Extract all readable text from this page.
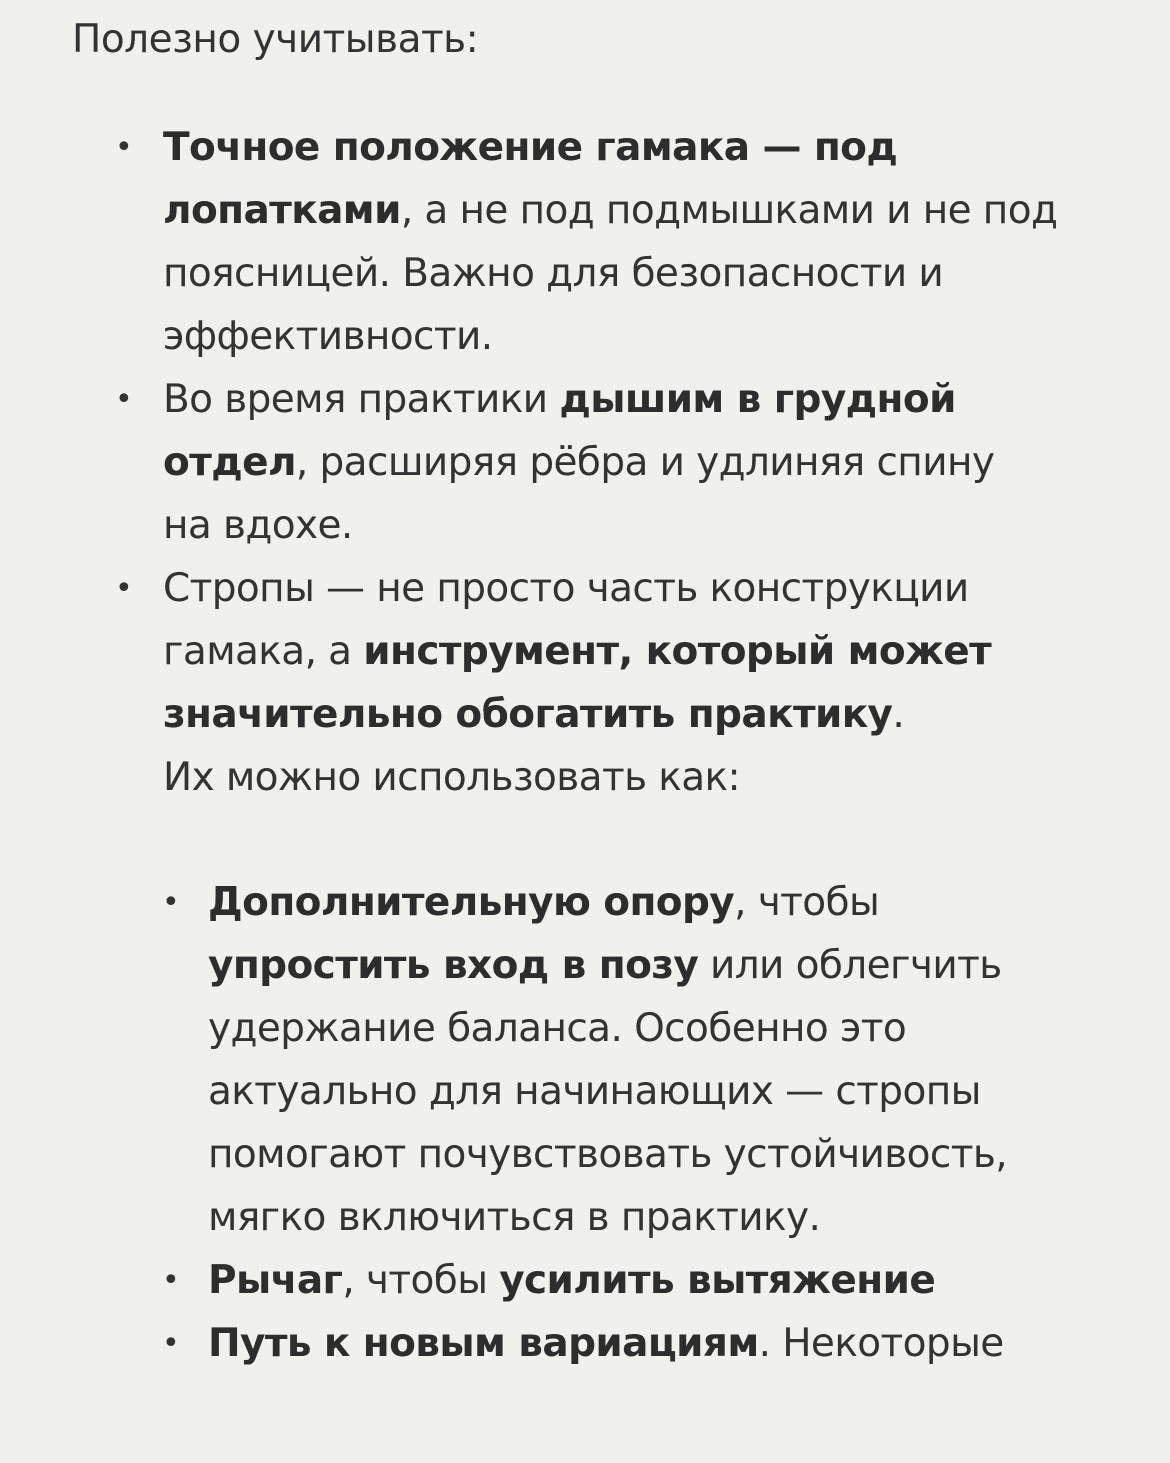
Полезно учитывать:

• Точное положение гамака — под лопатками, а не под подмышками и не под поясницей. Важно для безопасности и эффективности.
• Во время практики дышим в грудной отдел, расширяя рёбра и удлиняя спину на вдохе.
• Стропы — не просто часть конструкции гамака, а инструмент, который может значительно обогатить практику.
Их можно использовать как:
• Дополнительную опору, чтобы упростить вход в позу или облегчить удержание баланса. Особенно это актуально для начинающих — стропы помогают почувствовать устойчивость, мягко включиться в практику.
• Рычаг, чтобы усилить вытяжение
• Путь к новым вариациям. Некоторые
